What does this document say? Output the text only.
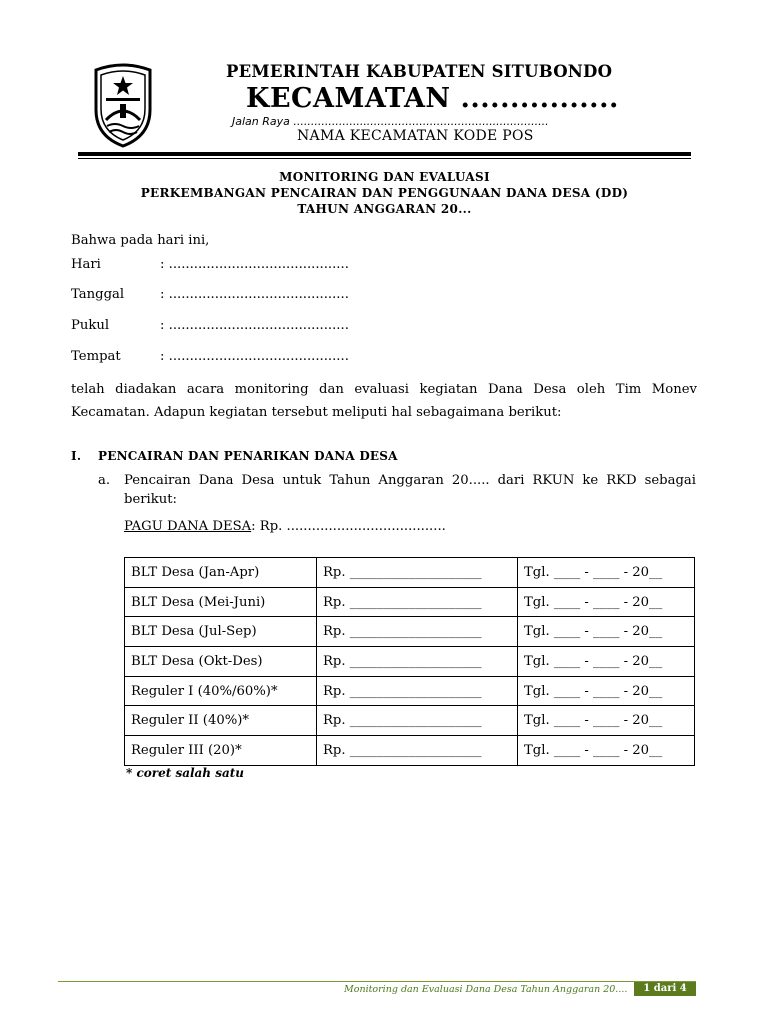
PEMERINTAH KABUPATEN SITUBONDO
KECAMATAN ................
Jalan Raya .........................................................................
NAMA KECAMATAN KODE POS
MONITORING DAN EVALUASI
PERKEMBANGAN PENCAIRAN DAN PENGGUNAAN DANA DESA (DD)
TAHUN ANGGARAN 20...
Bahwa pada hari ini,
Hari	: ...........................................
Tanggal	: ...........................................
Pukul	: ...........................................
Tempat	: ...........................................
telah diadakan acara monitoring dan evaluasi kegiatan Dana Desa oleh Tim Monev Kecamatan. Adapun kegiatan tersebut meliputi hal sebagaimana berikut:
I. PENCAIRAN DAN PENARIKAN DANA DESA
a. Pencairan Dana Desa untuk Tahun Anggaran 20..... dari RKUN ke RKD sebagai berikut:
PAGU DANA DESA: Rp. ......................................
BLT Desa (Jan-Apr)	Rp. ____________________	Tgl. ____ - ____ - 20__
BLT Desa (Mei-Juni)	Rp. ____________________	Tgl. ____ - ____ - 20__
BLT Desa (Jul-Sep)	Rp. ____________________	Tgl. ____ - ____ - 20__
BLT Desa (Okt-Des)	Rp. ____________________	Tgl. ____ - ____ - 20__
Reguler I (40%/60%)*	Rp. ____________________	Tgl. ____ - ____ - 20__
Reguler II (40%)*	Rp. ____________________	Tgl. ____ - ____ - 20__
Reguler III (20)*	Rp. ____________________	Tgl. ____ - ____ - 20__
* coret salah satu
Monitoring dan Evaluasi Dana Desa Tahun Anggaran 20....	1 dari 4
